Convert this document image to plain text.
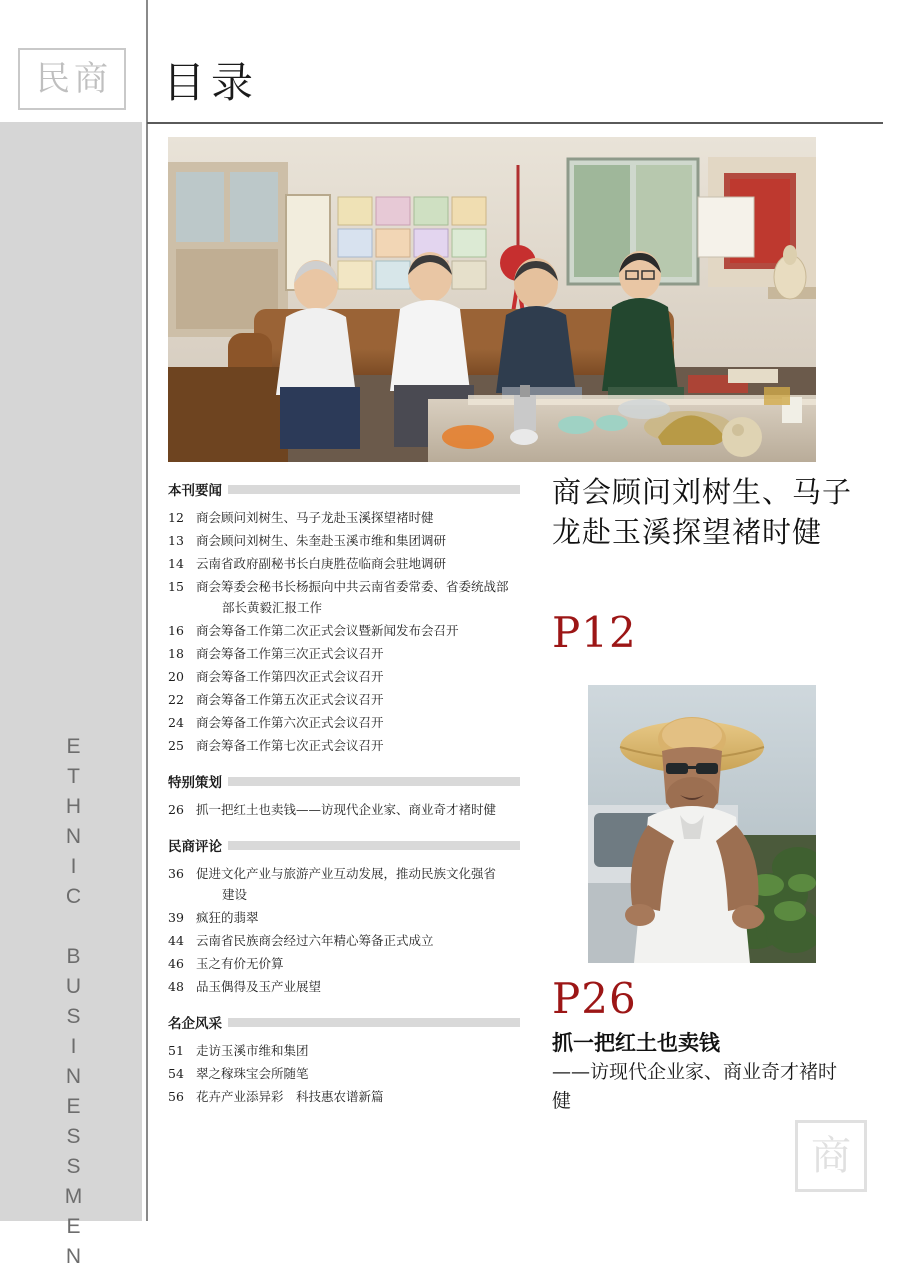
民商 目录
ETHNIC BUSINESSMEN
本刊要闻
12 商会顾问刘树生、马子龙赴玉溪探望褚时健
13 商会顾问刘树生、朱奎赴玉溪市维和集团调研
14 云南省政府副秘书长白庚胜莅临商会驻地调研
15 商会筹委会秘书长杨振向中共云南省委常委、省委统战部
部长黄毅汇报工作
16 商会筹备工作第二次正式会议暨新闻发布会召开
18 商会筹备工作第三次正式会议召开
20 商会筹备工作第四次正式会议召开
22 商会筹备工作第五次正式会议召开
24 商会筹备工作第六次正式会议召开
25 商会筹备工作第七次正式会议召开
特别策划
26 抓一把红土也卖钱——访现代企业家、商业奇才褚时健
民商评论
36 促进文化产业与旅游产业互动发展，推动民族文化强省
建设
39 疯狂的翡翠
44 云南省民族商会经过六年精心筹备正式成立
46 玉之有价无价算
48 品玉偶得及玉产业展望
名企风采
51 走访玉溪市维和集团
54 翠之稼珠宝会所随笔
56 花卉产业添异彩　科技惠农谱新篇
商会顾问刘树生、马子龙赴玉溪探望褚时健
P12
P26
抓一把红土也卖钱
——访现代企业家、商业奇才褚时健
商
